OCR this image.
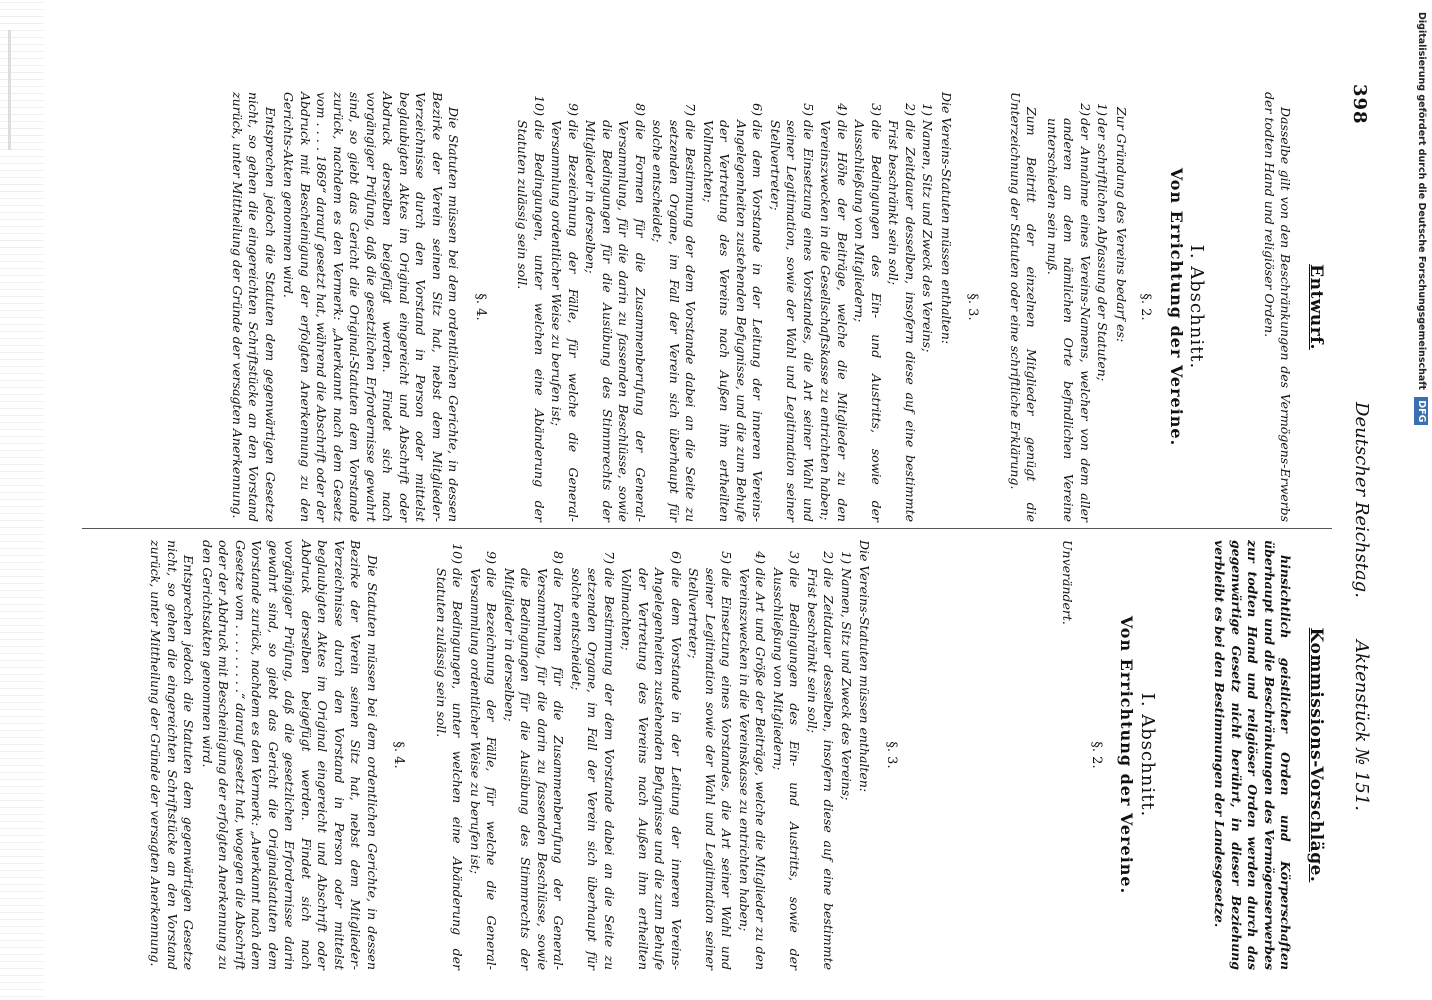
398
Deutscher Reichstag.
Aktenstück № 151.
Entwurf.

Dasselbe gilt von den Beschränkungen des Vermögens-Erwerbs der todten Hand und religiöser Orden.

I. Abschnitt.
Von Errichtung der Vereine.
§. 2.

Zur Gründung des Vereins bedarf es:

1)
der schriftlichen Abfassung der Statuten;
2)
der Annahme eines Vereins-Namens, welcher von dem aller anderen an dem nämlichen Orte befindlichen Vereine unterschieden sein muß.

Zum Beitritt der einzelnen Mitglieder genügt die Unterzeichnung der Statuten oder eine schriftliche Erklärung.

§. 3.

Die Vereins-Statuten müssen enthalten:

1)
Namen, Sitz und Zweck des Vereins;
2)
die Zeitdauer desselben, insofern diese auf eine bestimmte Frist beschränkt sein soll;
3)
die Bedingungen des Ein- und Austritts, sowie der Ausschließung von Mitgliedern;
4)
die Höhe der Beiträge, welche die Mitglieder zu den Vereinszwecken in die Gesellschaftskasse zu entrichten haben;
5)
die Einsetzung eines Vorstandes, die Art seiner Wahl und seiner Legitimation, sowie der Wahl und Legitimation seiner Stellvertreter;
6)
die dem Vorstande in der Leitung der inneren Vereins-Angelegenheiten zustehenden Befugnisse, und die zum Behufe der Vertretung des Vereins nach Außen ihm ertheilten Vollmachten;
7)
die Bestimmung der dem Vorstande dabei an die Seite zu setzenden Organe, im Fall der Verein sich überhaupt für solche entscheidet;
8)
die Formen für die Zusammenberufung der General-Versammlung, für die darin zu fassenden Beschlüsse, sowie die Bedingungen für die Ausübung des Stimmrechts der Mitglieder in derselben;
9)
die Bezeichnung der Fälle, für welche die General-Versammlung ordentlicher Weise zu berufen ist;
10)
die Bedingungen, unter welchen eine Abänderung der Statuten zulässig sein soll.
§. 4.

Die Statuten müssen bei dem ordentlichen Gerichte, in dessen Bezirke der Verein seinen Sitz hat, nebst dem Mitglieder-Verzeichnisse durch den Vorstand in Person oder mittelst beglaubigten Aktes im Original eingereicht und Abschrift oder Abdruck derselben beigefügt werden. Findet sich nach vorgängiger Prüfung, daß die gesetzlichen Erfordernisse gewahrt sind, so giebt das Gericht die Original-Statuten dem Vorstande zurück, nachdem es den Vermerk: „Anerkannt nach dem Gesetz vom . . . . 1869“ darauf gesetzt hat, während die Abschrift oder der Abdruck mit Bescheinigung der erfolgten Anerkennung zu den Gerichts-Akten genommen wird.

Entsprechen jedoch die Statuten dem gegenwärtigen Gesetze nicht, so gehen die eingereichten Schriftstücke an den Vorstand zurück, unter Mittheilung der Gründe der versagten Anerkennung.

Kommissions-Vorschläge.

hinsichtlich geistlicher Orden und Körperschaften überhaupt und die Beschränkungen des Vermögenserwerbes zur todten Hand und religiöser Orden werden durch das gegenwärtige Gesetz nicht berührt, in dieser Beziehung verbleibt es bei den Bestimmungen der Landesgesetze.

I. Abschnitt.
Von Errichtung der Vereine.
§. 2.
Unverändert.
§. 3.

Die Vereins-Statuten müssen enthalten:

1)
Namen, Sitz und Zweck des Vereins;
2)
die Zeitdauer desselben, insofern diese auf eine bestimmte Frist beschränkt sein soll;
3)
die Bedingungen des Ein- und Austritts, sowie der Ausschließung von Mitgliedern;
4)
die Art und Größe der Beiträge, welche die Mitglieder zu den Vereinszwecken in die Vereinskasse zu entrichten haben;
5)
die Einsetzung eines Vorstandes, die Art seiner Wahl und seiner Legitimation sowie der Wahl und Legitimation seiner Stellvertreter;
6)
die dem Vorstande in der Leitung der inneren Vereins-Angelegenheiten zustehenden Befugnisse und die zum Behufe der Vertretung des Vereins nach Außen ihm ertheilten Vollmachten;
7)
die Bestimmung der dem Vorstande dabei an die Seite zu setzenden Organe, im Fall der Verein sich überhaupt für solche entscheidet;
8)
die Formen für die Zusammenberufung der General-Versammlung, für die darin zu fassenden Beschlüsse, sowie die Bedingungen für die Ausübung des Stimmrechts der Mitglieder in derselben;
9)
die Bezeichnung der Fälle, für welche die General-Versammlung ordentlicher Weise zu berufen ist;
10)
die Bedingungen, unter welchen eine Abänderung der Statuten zulässig sein soll.
§. 4.

Die Statuten müssen bei dem ordentlichen Gerichte, in dessen Bezirke der Verein seinen Sitz hat, nebst dem Mitglieder-Verzeichnisse durch den Vorstand in Person oder mittelst beglaubigten Aktes im Original eingereicht und Abschrift oder Abdruck derselben beigefügt werden. Findet sich nach vorgängiger Prüfung, daß die gesetzlichen Erfordernisse darin gewahrt sind, so giebt das Gericht die Originalstatuten dem Vorstande zurück, nachdem es den Vermerk: „Anerkannt nach dem Gesetze vom . . . . . . . . .“ darauf gesetzt hat, wogegen die Abschrift oder der Abdruck mit Bescheinigung der erfolgten Anerkennung zu den Gerichtsakten genommen wird.

Entsprechen jedoch die Statuten dem gegenwärtigen Gesetze nicht, so gehen die eingereichten Schriftstücke an den Vorstand zurück, unter Mittheilung der Gründe der versagten Anerkennung.

Digitalisierung gefördert durch die Deutsche Forschungsgemeinschaft DFG
